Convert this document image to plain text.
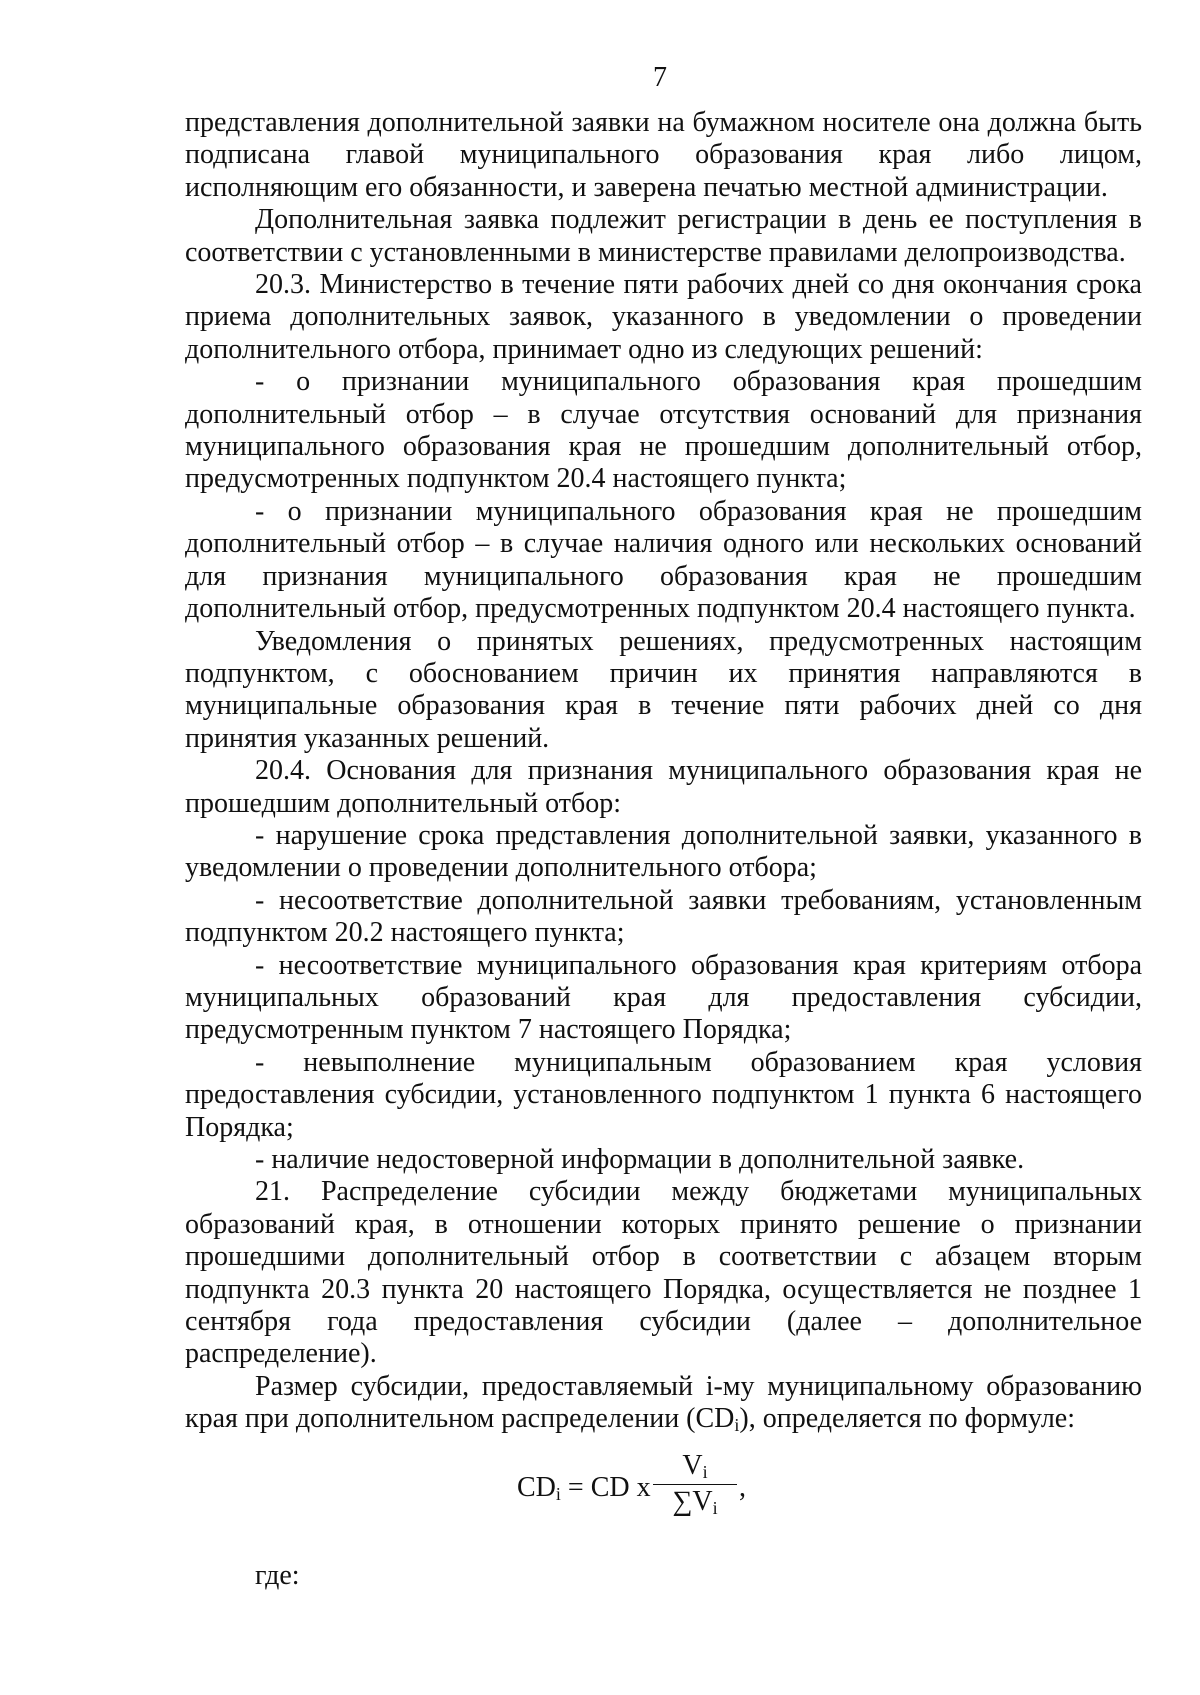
7

представления дополнительной заявки на бумажном носителе она должна быть подписана главой муниципального образования края либо лицом, исполняющим его обязанности, и заверена печатью местной администрации.

Дополнительная заявка подлежит регистрации в день ее поступления в соответствии с установленными в министерстве правилами делопроизводства.

20.3. Министерство в течение пяти рабочих дней со дня окончания срока приема дополнительных заявок, указанного в уведомлении о проведении дополнительного отбора, принимает одно из следующих решений:

- о признании муниципального образования края прошедшим дополнительный отбор – в случае отсутствия оснований для признания муниципального образования края не прошедшим дополнительный отбор, предусмотренных подпунктом 20.4 настоящего пункта;

- о признании муниципального образования края не прошедшим дополнительный отбор – в случае наличия одного или нескольких оснований для признания муниципального образования края не прошедшим дополнительный отбор, предусмотренных подпунктом 20.4 настоящего пункта.

Уведомления о принятых решениях, предусмотренных настоящим подпунктом, с обоснованием причин их принятия направляются в муниципальные образования края в течение пяти рабочих дней со дня принятия указанных решений.

20.4. Основания для признания муниципального образования края не прошедшим дополнительный отбор:

- нарушение срока представления дополнительной заявки, указанного в уведомлении о проведении дополнительного отбора;

- несоответствие дополнительной заявки требованиям, установленным подпунктом 20.2 настоящего пункта;

- несоответствие муниципального образования края критериям отбора муниципальных образований края для предоставления субсидии, предусмотренным пунктом 7 настоящего Порядка;

- невыполнение муниципальным образованием края условия предоставления субсидии, установленного подпунктом 1 пункта 6 настоящего Порядка;

- наличие недостоверной информации в дополнительной заявке.

21. Распределение субсидии между бюджетами муниципальных образований края, в отношении которых принято решение о признании прошедшими дополнительный отбор в соответствии с абзацем вторым подпункта 20.3 пункта 20 настоящего Порядка, осуществляется не позднее 1 сентября года предоставления субсидии (далее – дополнительное распределение).

Размер субсидии, предоставляемый i-му муниципальному образованию края при дополнительном распределении $(CD_i)$, определяется по формуле:

$CD_i$ = CD x $\frac{V_i}{\sum V_i}$ ,

где:
